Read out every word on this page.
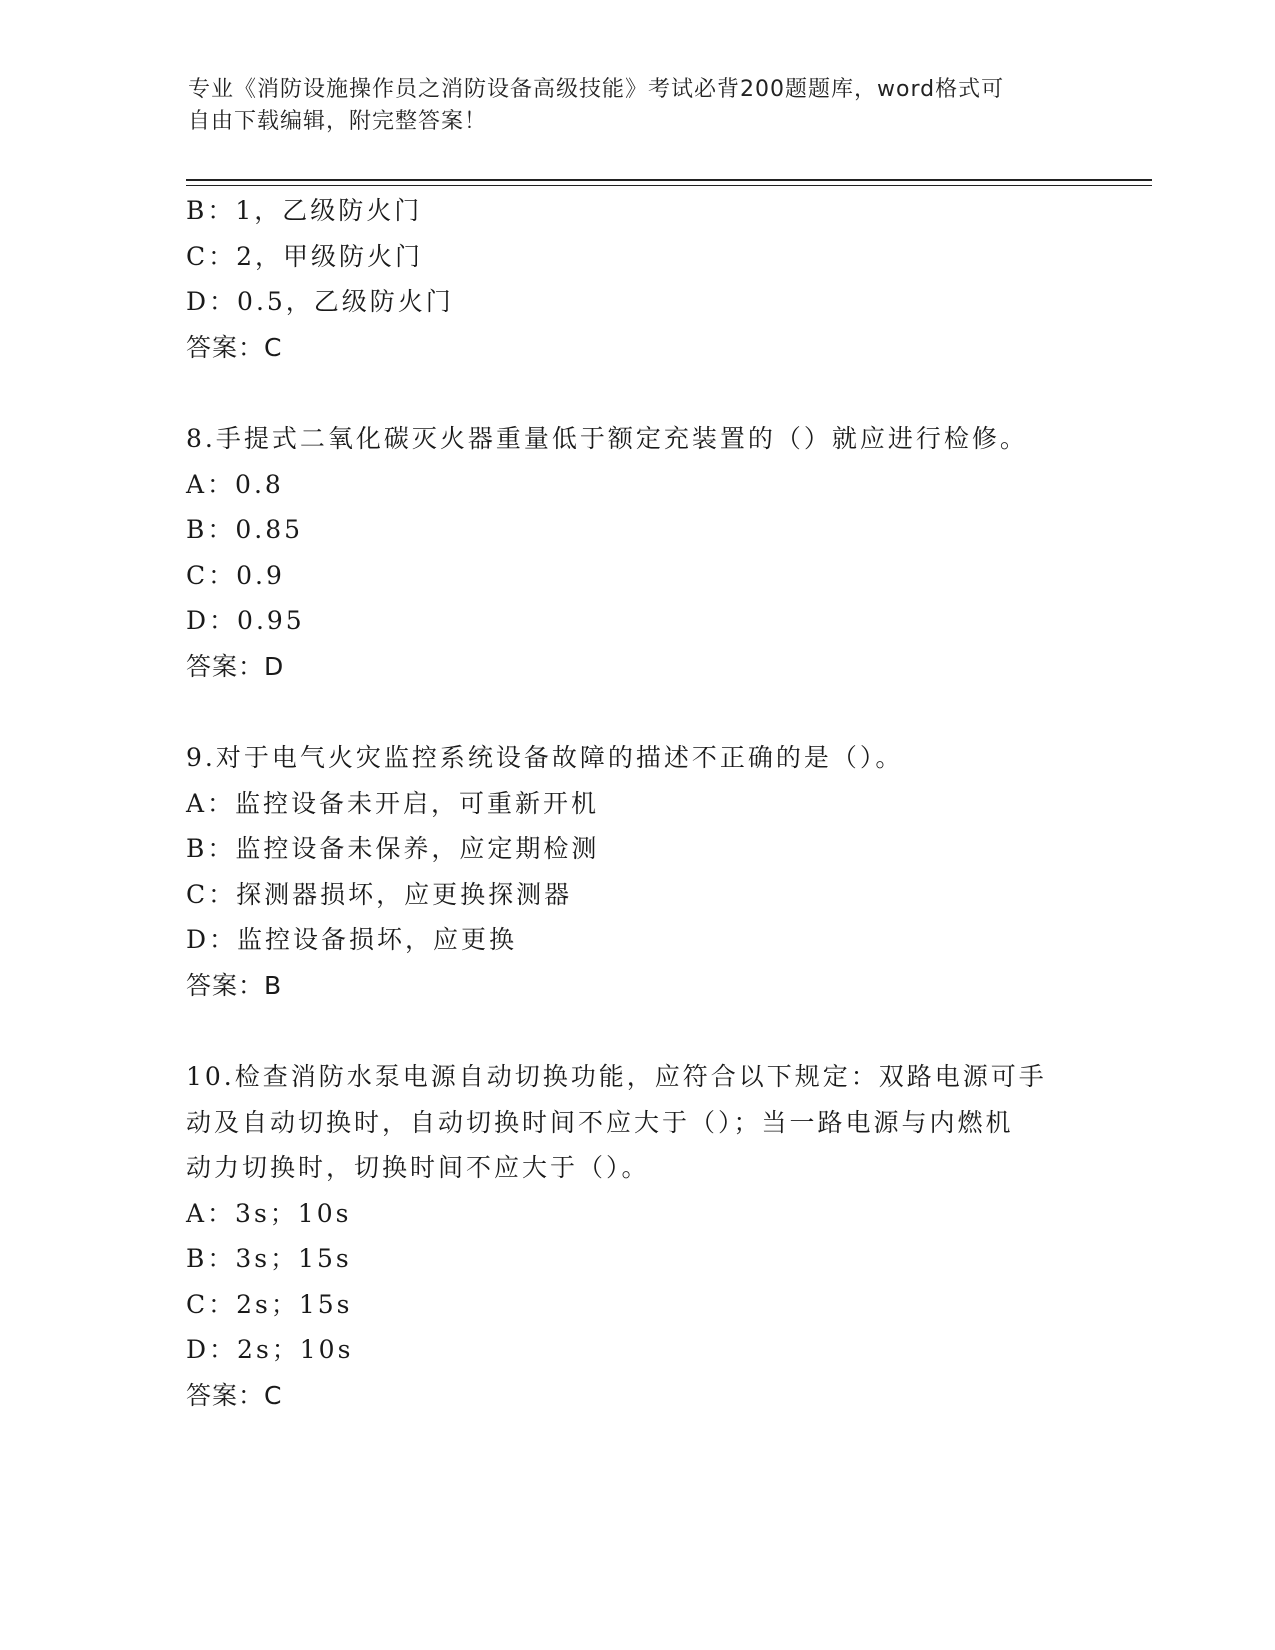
专业《消防设施操作员之消防设备高级技能》考试必背200题题库，word格式可
自由下载编辑，附完整答案！
B：1，乙级防火门
C：2，甲级防火门
D：0.5，乙级防火门
答案：C
8.手提式二氧化碳灭火器重量低于额定充装置的（）就应进行检修。
A：0.8
B：0.85
C：0.9
D：0.95
答案：D
9.对于电气火灾监控系统设备故障的描述不正确的是（）。
A：监控设备未开启，可重新开机
B：监控设备未保养，应定期检测
C：探测器损坏，应更换探测器
D：监控设备损坏，应更换
答案：B
10.检查消防水泵电源自动切换功能，应符合以下规定：双路电源可手
动及自动切换时，自动切换时间不应大于（）；当一路电源与内燃机
动力切换时，切换时间不应大于（）。
A：3s；10s
B：3s；15s
C：2s；15s
D：2s；10s
答案：C
